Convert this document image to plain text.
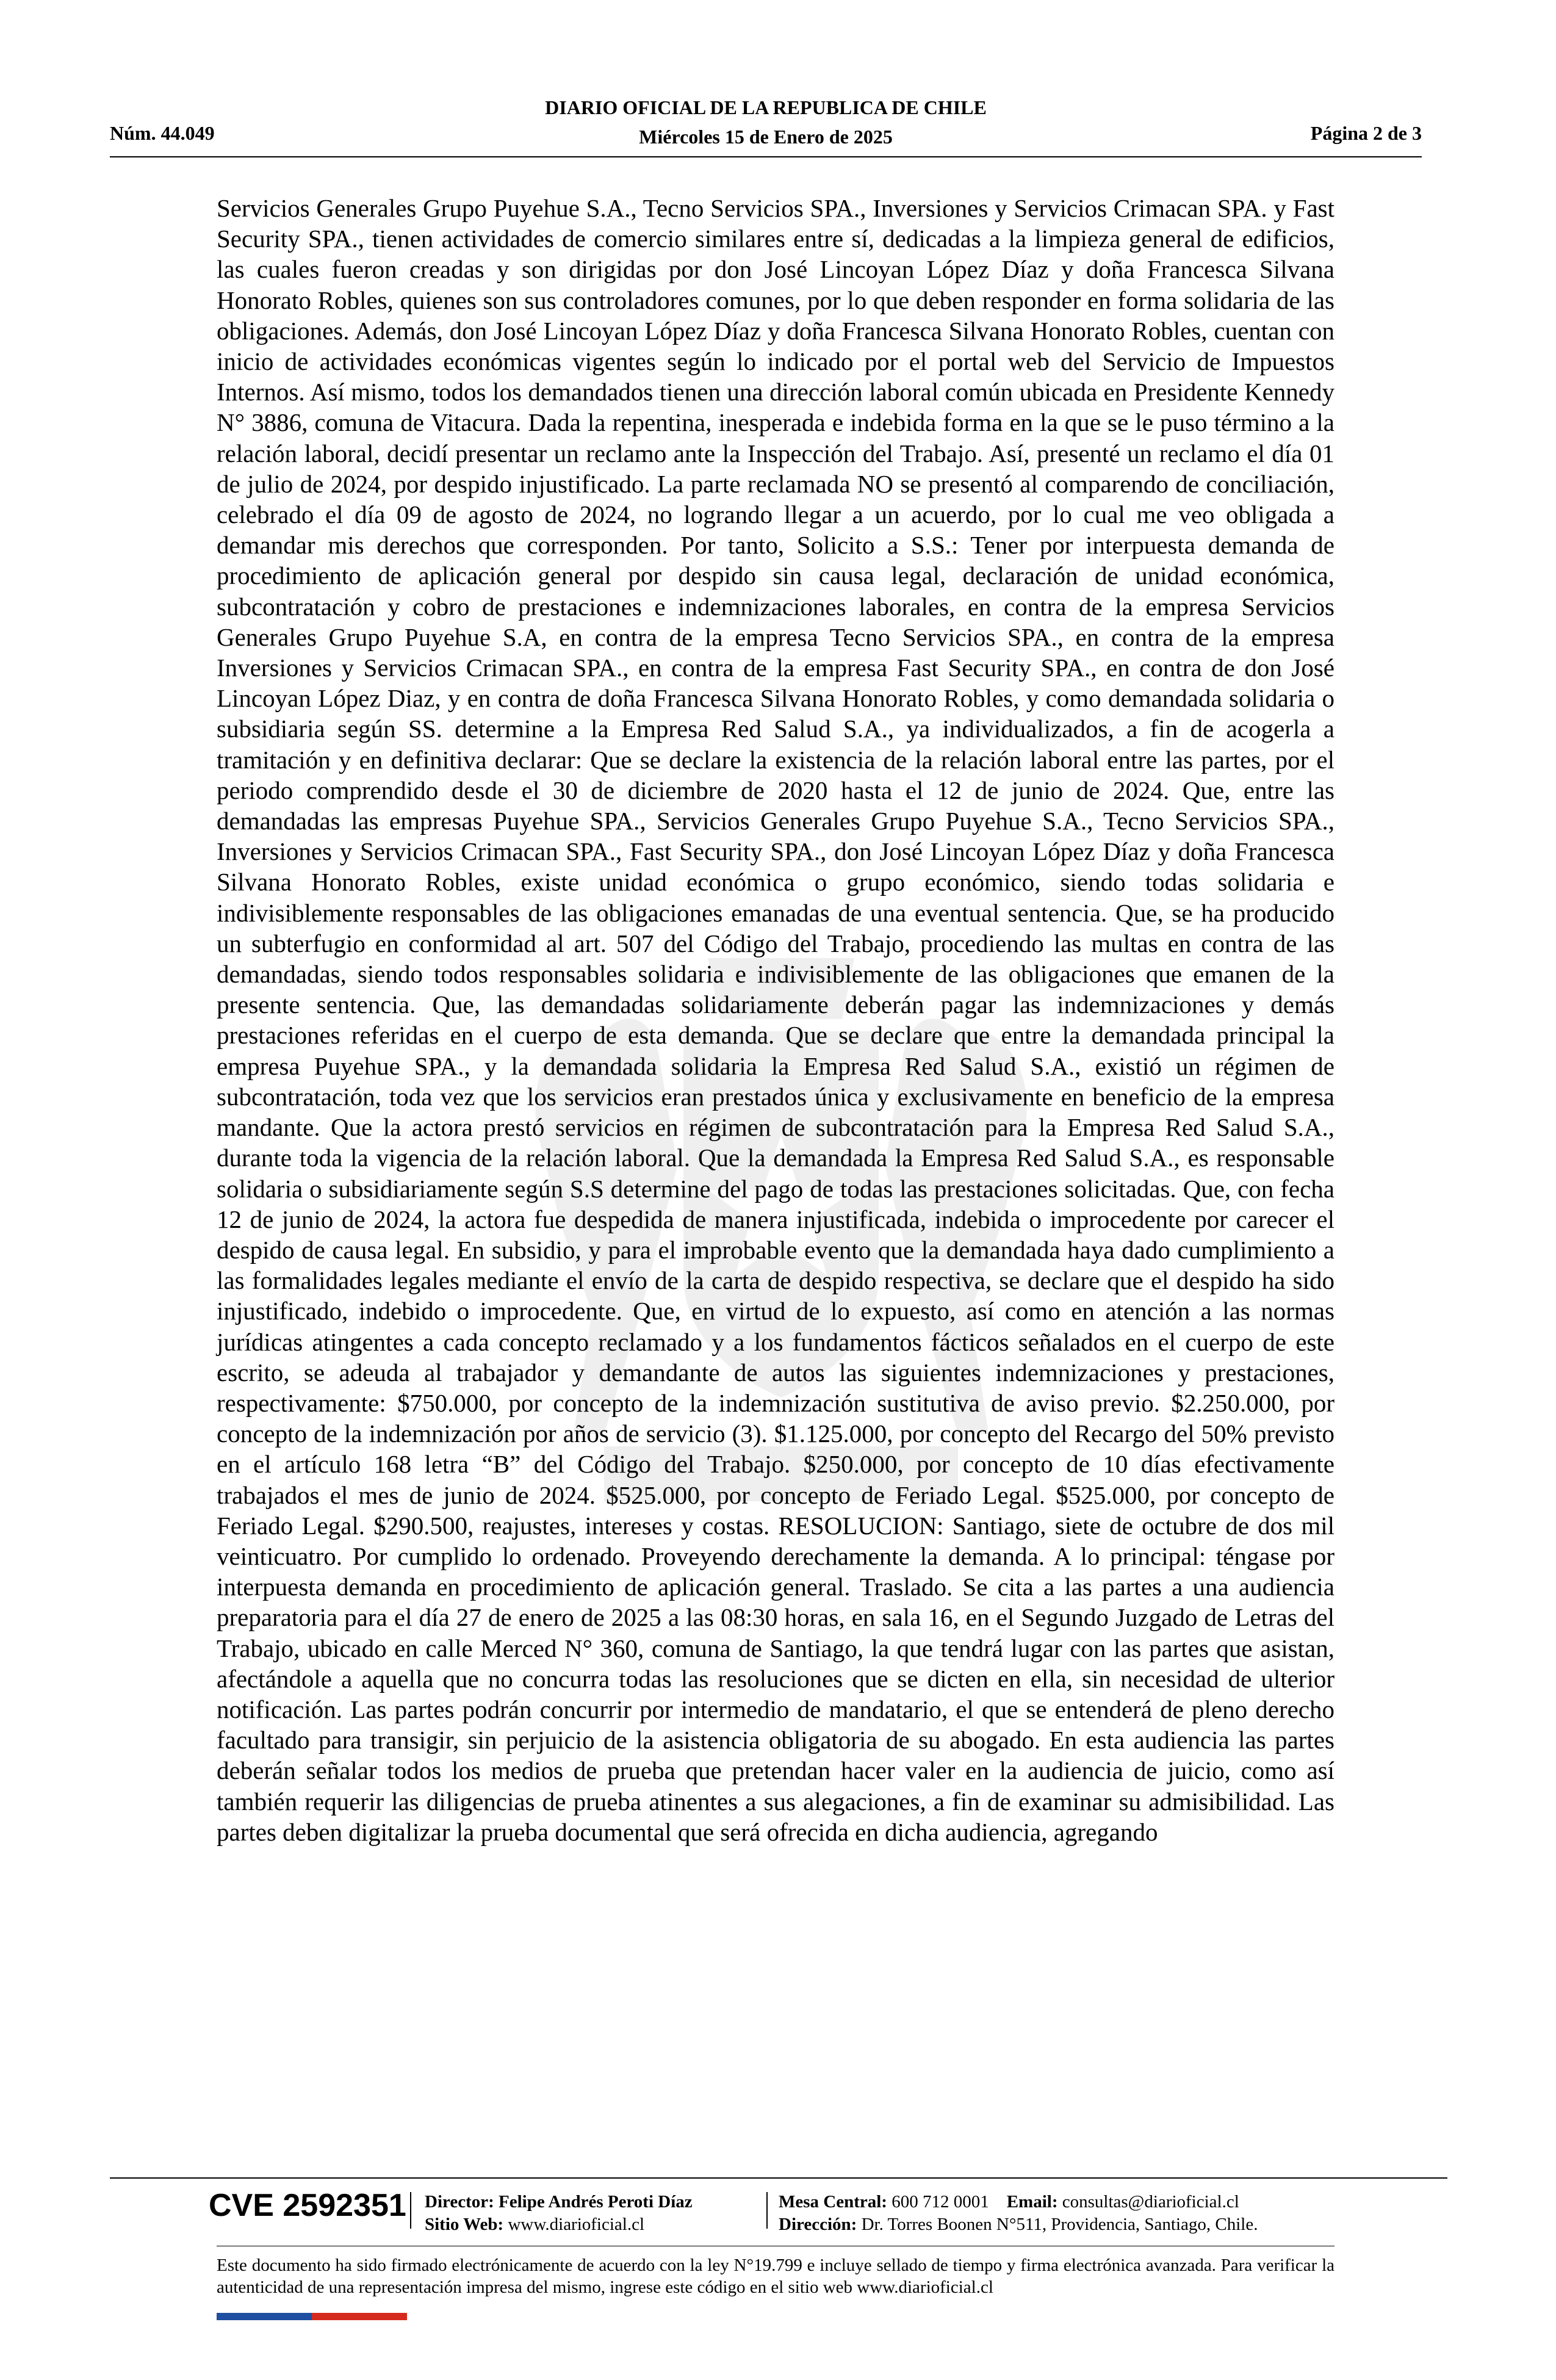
DIARIO OFICIAL DE LA REPUBLICA DE CHILE
Miércoles 15 de Enero de 2025
Núm. 44.049	Página 2 de 3

Servicios Generales Grupo Puyehue S.A., Tecno Servicios SPA., Inversiones y Servicios Crimacan SPA. y Fast Security SPA., tienen actividades de comercio similares entre sí, dedicadas a la limpieza general de edificios, las cuales fueron creadas y son dirigidas por don José Lincoyan López Díaz y doña Francesca Silvana Honorato Robles, quienes son sus controladores comunes, por lo que deben responder en forma solidaria de las obligaciones. Además, don José Lincoyan López Díaz y doña Francesca Silvana Honorato Robles, cuentan con inicio de actividades económicas vigentes según lo indicado por el portal web del Servicio de Impuestos Internos. Así mismo, todos los demandados tienen una dirección laboral común ubicada en Presidente Kennedy N° 3886, comuna de Vitacura. Dada la repentina, inesperada e indebida forma en la que se le puso término a la relación laboral, decidí presentar un reclamo ante la Inspección del Trabajo. Así, presenté un reclamo el día 01 de julio de 2024, por despido injustificado. La parte reclamada NO se presentó al comparendo de conciliación, celebrado el día 09 de agosto de 2024, no logrando llegar a un acuerdo, por lo cual me veo obligada a demandar mis derechos que corresponden. Por tanto, Solicito a S.S.: Tener por interpuesta demanda de procedimiento de aplicación general por despido sin causa legal, declaración de unidad económica, subcontratación y cobro de prestaciones e indemnizaciones laborales, en contra de la empresa Servicios Generales Grupo Puyehue S.A, en contra de la empresa Tecno Servicios SPA., en contra de la empresa Inversiones y Servicios Crimacan SPA., en contra de la empresa Fast Security SPA., en contra de don José Lincoyan López Diaz, y en contra de doña Francesca Silvana Honorato Robles, y como demandada solidaria o subsidiaria según SS. determine a la Empresa Red Salud S.A., ya individualizados, a fin de acogerla a tramitación y en definitiva declarar: Que se declare la existencia de la relación laboral entre las partes, por el periodo comprendido desde el 30 de diciembre de 2020 hasta el 12 de junio de 2024. Que, entre las demandadas las empresas Puyehue SPA., Servicios Generales Grupo Puyehue S.A., Tecno Servicios SPA., Inversiones y Servicios Crimacan SPA., Fast Security SPA., don José Lincoyan López Díaz y doña Francesca Silvana Honorato Robles, existe unidad económica o grupo económico, siendo todas solidaria e indivisiblemente responsables de las obligaciones emanadas de una eventual sentencia. Que, se ha producido un subterfugio en conformidad al art. 507 del Código del Trabajo, procediendo las multas en contra de las demandadas, siendo todos responsables solidaria e indivisiblemente de las obligaciones que emanen de la presente sentencia. Que, las demandadas solidariamente deberán pagar las indemnizaciones y demás prestaciones referidas en el cuerpo de esta demanda. Que se declare que entre la demandada principal la empresa Puyehue SPA., y la demandada solidaria la Empresa Red Salud S.A., existió un régimen de subcontratación, toda vez que los servicios eran prestados única y exclusivamente en beneficio de la empresa mandante. Que la actora prestó servicios en régimen de subcontratación para la Empresa Red Salud S.A., durante toda la vigencia de la relación laboral. Que la demandada la Empresa Red Salud S.A., es responsable solidaria o subsidiariamente según S.S determine del pago de todas las prestaciones solicitadas. Que, con fecha 12 de junio de 2024, la actora fue despedida de manera injustificada, indebida o improcedente por carecer el despido de causa legal. En subsidio, y para el improbable evento que la demandada haya dado cumplimiento a las formalidades legales mediante el envío de la carta de despido respectiva, se declare que el despido ha sido injustificado, indebido o improcedente. Que, en virtud de lo expuesto, así como en atención a las normas jurídicas atingentes a cada concepto reclamado y a los fundamentos fácticos señalados en el cuerpo de este escrito, se adeuda al trabajador y demandante de autos las siguientes indemnizaciones y prestaciones, respectivamente: $750.000, por concepto de la indemnización sustitutiva de aviso previo. $2.250.000, por concepto de la indemnización por años de servicio (3). $1.125.000, por concepto del Recargo del 50% previsto en el artículo 168 letra “B” del Código del Trabajo. $250.000, por concepto de 10 días efectivamente trabajados el mes de junio de 2024. $525.000, por concepto de Feriado Legal. $525.000, por concepto de Feriado Legal. $290.500, reajustes, intereses y costas. RESOLUCION: Santiago, siete de octubre de dos mil veinticuatro. Por cumplido lo ordenado. Proveyendo derechamente la demanda. A lo principal: téngase por interpuesta demanda en procedimiento de aplicación general. Traslado. Se cita a las partes a una audiencia preparatoria para el día 27 de enero de 2025 a las 08:30 horas, en sala 16, en el Segundo Juzgado de Letras del Trabajo, ubicado en calle Merced N° 360, comuna de Santiago, la que tendrá lugar con las partes que asistan, afectándole a aquella que no concurra todas las resoluciones que se dicten en ella, sin necesidad de ulterior notificación. Las partes podrán concurrir por intermedio de mandatario, el que se entenderá de pleno derecho facultado para transigir, sin perjuicio de la asistencia obligatoria de su abogado. En esta audiencia las partes deberán señalar todos los medios de prueba que pretendan hacer valer en la audiencia de juicio, como así también requerir las diligencias de prueba atinentes a sus alegaciones, a fin de examinar su admisibilidad. Las partes deben digitalizar la prueba documental que será ofrecida en dicha audiencia, agregando

CVE 2592351 Director: Felipe Andrés Peroti Díaz
Sitio Web: www.diarioficial.cl
Mesa Central: 600 712 0001 Email: consultas@diarioficial.cl
Dirección: Dr. Torres Boonen N°511, Providencia, Santiago, Chile.

Este documento ha sido firmado electrónicamente de acuerdo con la ley N°19.799 e incluye sellado de tiempo y firma electrónica avanzada. Para verificar la autenticidad de una representación impresa del mismo, ingrese este código en el sitio web www.diarioficial.cl
